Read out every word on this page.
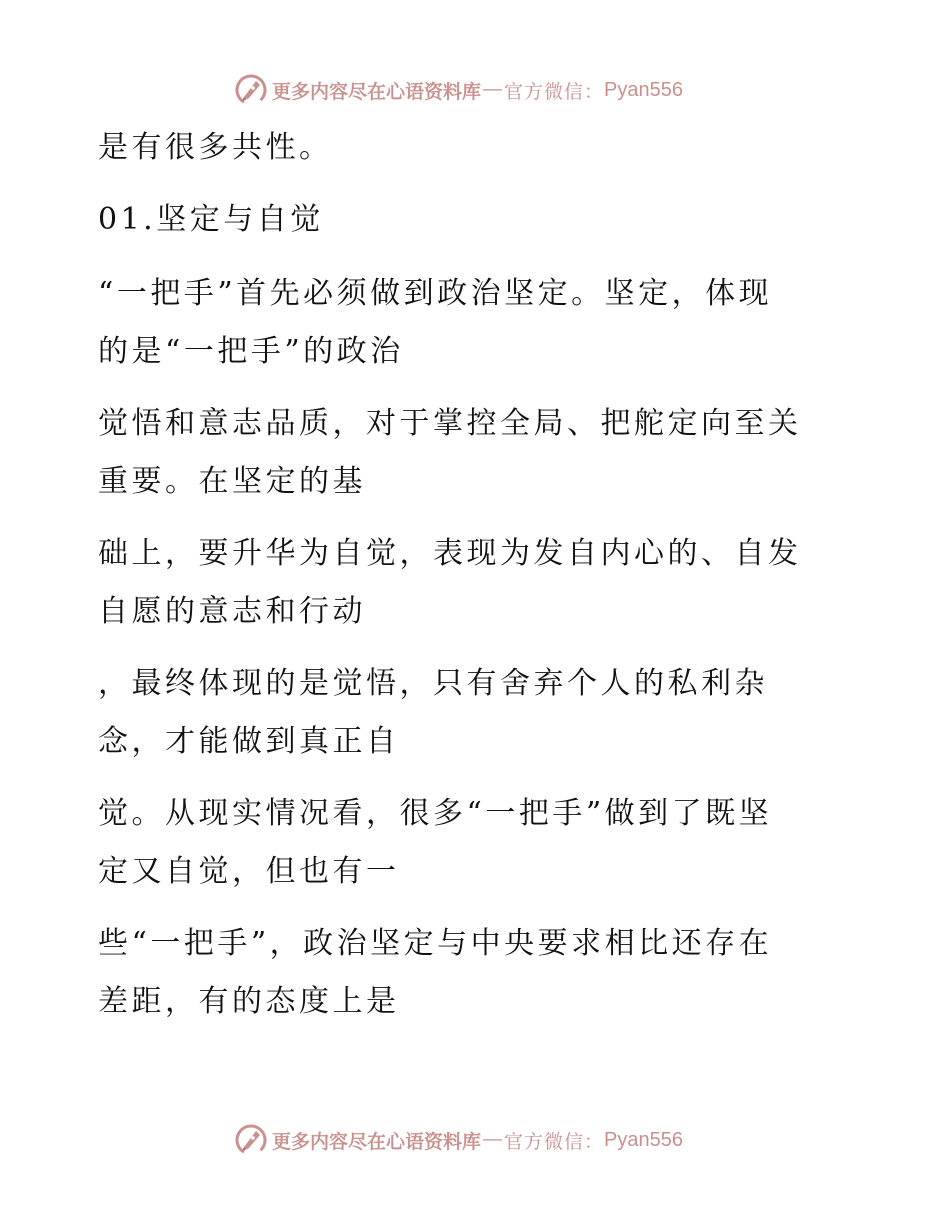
更多内容尽在心语资料库 — 官方微信： Pyan556
是有很多共性。
01.坚定与自觉
“一把手”首先必须做到政治坚定。坚定，体现
的是“一把手”的政治
觉悟和意志品质，对于掌控全局、把舵定向至关
重要。在坚定的基
础上，要升华为自觉，表现为发自内心的、自发
自愿的意志和行动
，最终体现的是觉悟，只有舍弃个人的私利杂
念，才能做到真正自
觉。从现实情况看，很多“一把手”做到了既坚
定又自觉，但也有一
些“一把手”，政治坚定与中央要求相比还存在
差距，有的态度上是
更多内容尽在心语资料库 — 官方微信： Pyan556
